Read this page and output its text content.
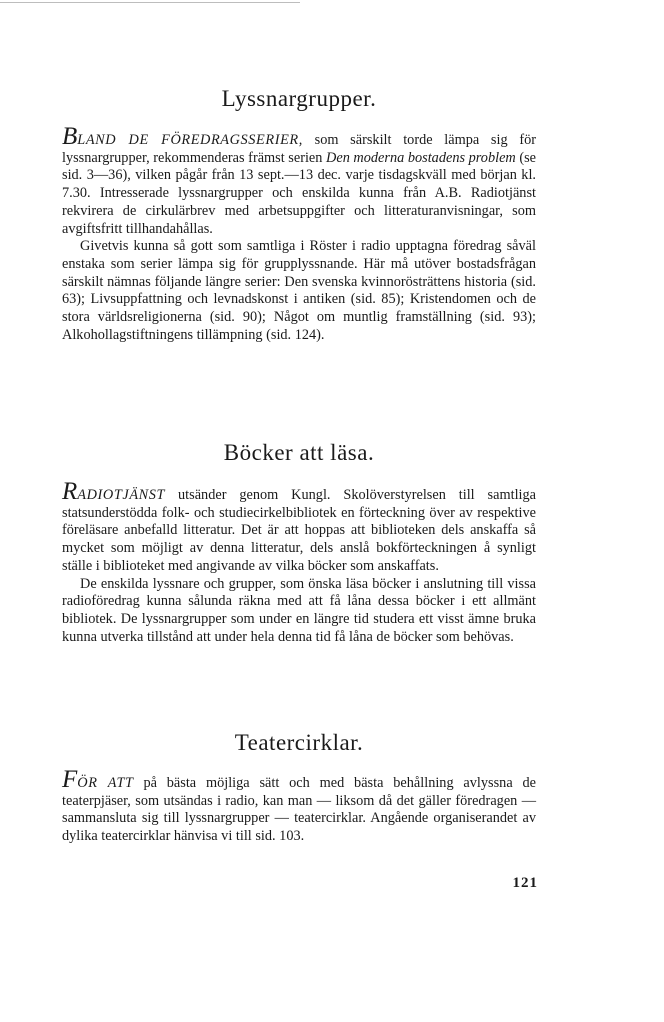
Lyssnargrupper.

BLAND DE FÖREDRAGSSERIER, som särskilt torde lämpa sig för lyssnargrupper, rekommenderas främst serien Den moderna bostadens problem (se sid. 3—36), vilken pågår från 13 sept.—13 dec. varje tisdagskväll med början kl. 7.30. Intresserade lyssnargrupper och enskilda kunna från A.B. Radiotjänst rekvirera de cirkulärbrev med arbetsuppgifter och litteraturanvisningar, som avgiftsfritt tillhandahållas.

Givetvis kunna så gott som samtliga i Röster i radio upptagna föredrag såväl enstaka som serier lämpa sig för grupplyssnande. Här må utöver bostadsfrågan särskilt nämnas följande längre serier: Den svenska kvinnorösträttens historia (sid. 63); Livsuppfattning och levnadskonst i antiken (sid. 85); Kristendomen och de stora världsreligionerna (sid. 90); Något om muntlig framställning (sid. 93); Alkohollagstiftningens tillämpning (sid. 124).

Böcker att läsa.

RADIOTJÄNST utsänder genom Kungl. Skolöverstyrelsen till samtliga statsunderstödda folk- och studiecirkelbibliotek en förteckning över av respektive föreläsare anbefalld litteratur. Det är att hoppas att biblioteken dels anskaffa så mycket som möjligt av denna litteratur, dels anslå bokförteckningen å synligt ställe i biblioteket med angivande av vilka böcker som anskaffats.

De enskilda lyssnare och grupper, som önska läsa böcker i anslutning till vissa radioföredrag kunna sålunda räkna med att få låna dessa böcker i ett allmänt bibliotek. De lyssnargrupper som under en längre tid studera ett visst ämne bruka kunna utverka tillstånd att under hela denna tid få låna de böcker som behövas.

Teatercirklar.

FÖR ATT på bästa möjliga sätt och med bästa behållning avlyssna de teaterpjäser, som utsändas i radio, kan man — liksom då det gäller föredragen — sammansluta sig till lyssnargrupper — teatercirklar. Angående organiserandet av dylika teatercirklar hänvisa vi till sid. 103.

121
